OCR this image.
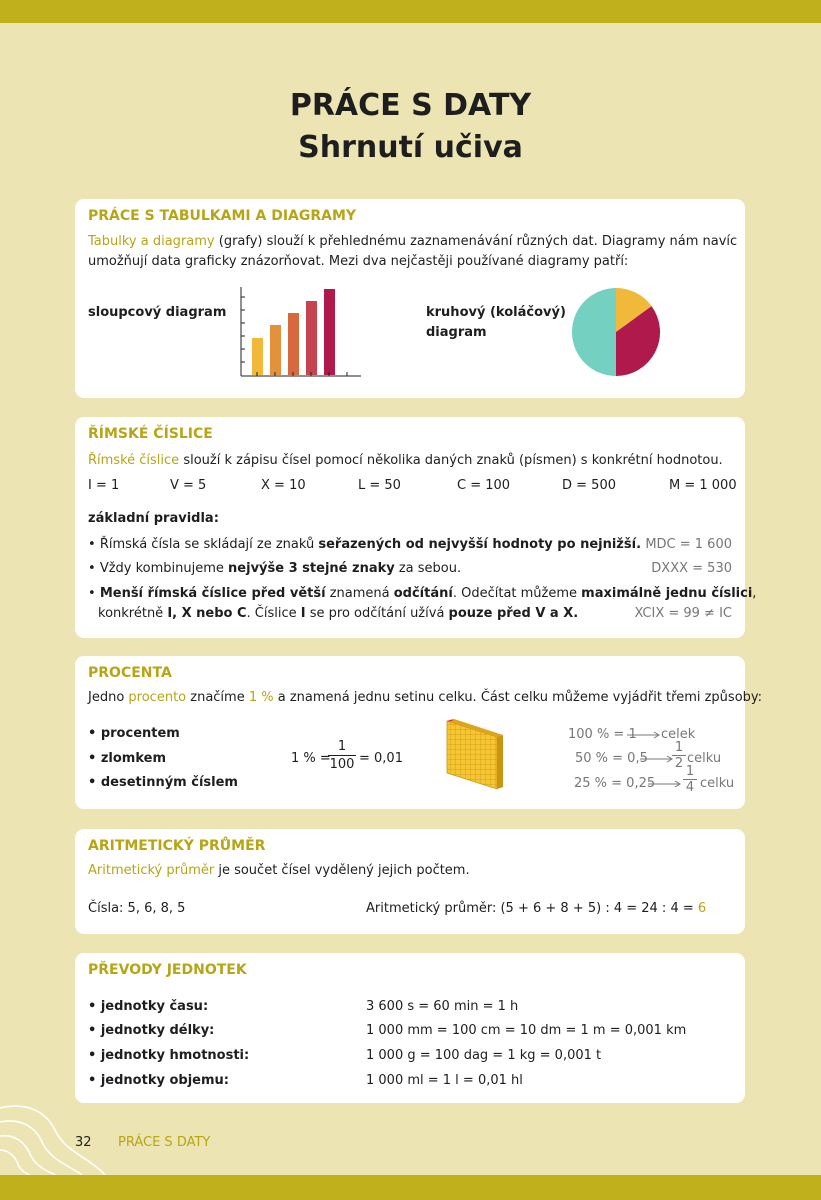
PRÁCE S DATY
Shrnutí učiva
PRÁCE S TABULKAMI A DIAGRAMY
Tabulky a diagramy (grafy) slouží k přehlednému zaznamenávání různých dat. Diagramy nám navíc
umožňují data graficky znázorňovat. Mezi dva nejčastěji používané diagramy patří:
sloupcový diagram	kruhový (koláčový)
diagram
ŘÍMSKÉ ČÍSLICE
Římské číslice slouží k zápisu čísel pomocí několika daných znaků (písmen) s konkrétní hodnotou.
I = 1	V = 5	X = 10	L = 50	C = 100	D = 500	M = 1 000
základní pravidla:
• Římská čísla se skládají ze znaků seřazených od nejvyšší hodnoty po nejnižší. MDC = 1 600
• Vždy kombinujeme nejvýše 3 stejné znaky za sebou.	DXXX = 530
• Menší římská číslice před větší znamená odčítání. Odečítat můžeme maximálně jednu číslici,
konkrétně I, X nebo C. Číslice I se pro odčítání užívá pouze před V a X.	XCIX = 99 ≠ IC
PROCENTA
Jedno procento značíme 1 % a znamená jednu setinu celku. Část celku můžeme vyjádřit třemi způsoby:
• procentem
• zlomkem
• desetinným číslem
1 % =
$\frac{1}{100} = 0,01$
100 % = 1 celek
50 % = $0,5 \frac{1}{2}$ celku
25 % = $0,25 \frac{1}{4}$ celku
ARITMETICKÝ PRŮMĚR
Aritmetický průměr je součet čísel vydělený jejich počtem.
Čísla: 5, 6, 8, 5	Aritmetický průměr: (5 + 6 + 8 + 5) : 4 = 24 : 4 = 6
PŘEVODY JEDNOTEK
• jednotky času:	3 600 s = 60 min = 1 h
• jednotky délky:	1 000 mm = 100 cm = 10 dm = 1 m = 0,001 km
• jednotky hmotnosti:	1 000 g = 100 dag = 1 kg = 0,001 t
• jednotky objemu:	1 000 ml = 1 l = 0,01 hl
32 PRÁCE S DATY
